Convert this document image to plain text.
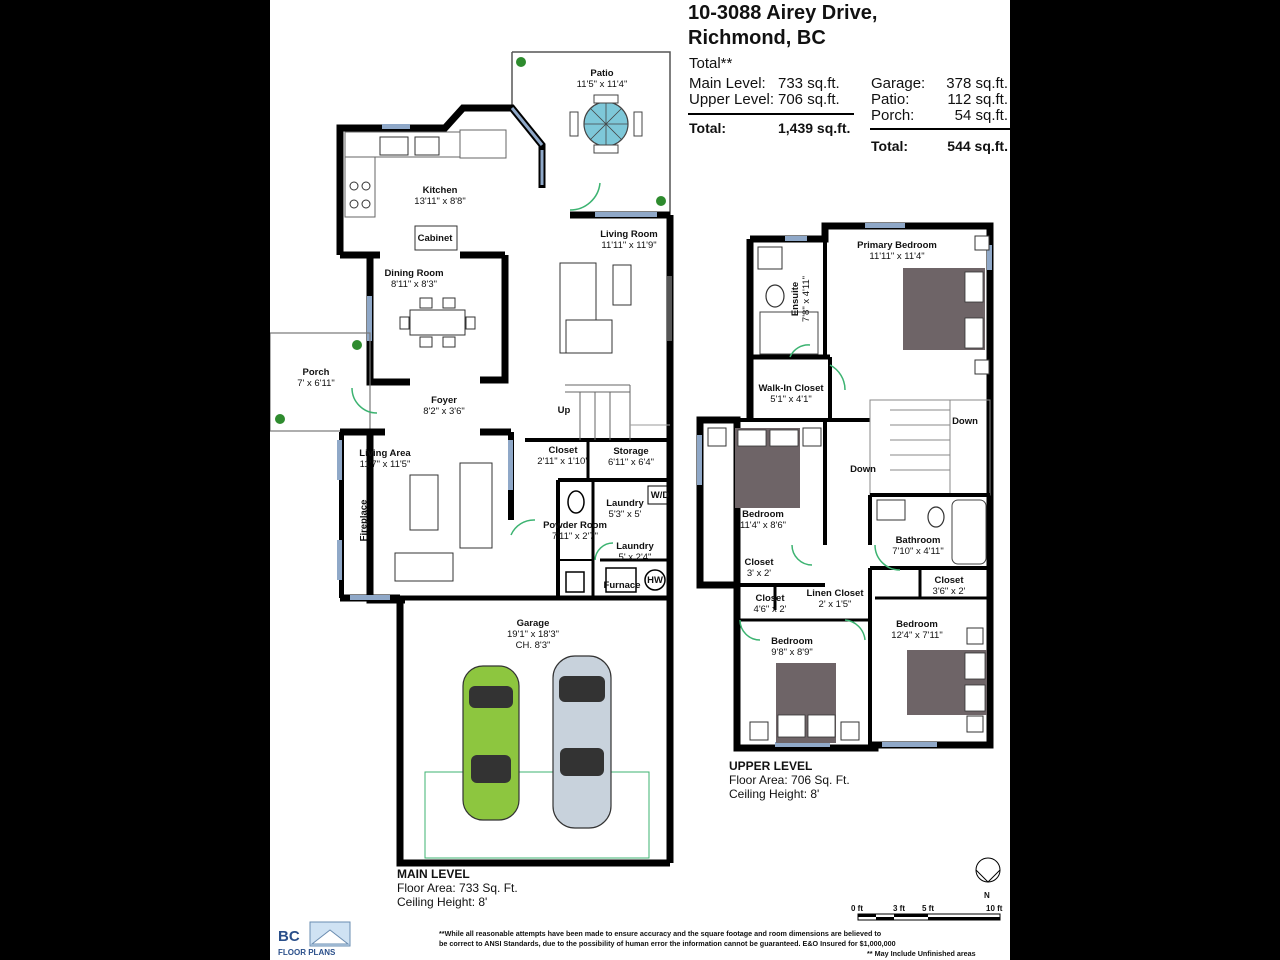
10-3088 Airey Drive,
Richmond, BC
Total**
Main Level: 733 sq.ft.
Upper Level: 706 sq.ft.
Total:	1,439 sq.ft.
Garage: 378 sq.ft.
Patio:	112 sq.ft.
Porch:	54 sq.ft.
Total:	544 sq.ft.
Patio
11'5" x 11'4"
Kitchen
13'11" x 8'8"
Cabinet	Living Room
11'11" x 11'9"
Dining Room
8'11" x 8'3"
Porch
7' x 6'11"
Foyer
8'2" x 3'6"	Up
Closet
2'11" x 1'10"
Storage
6'11" x 6'4"
Living Area
11'7" x 11'5"
Fireplace	Laundry
5'3" x 5'
Powder Room
7'11" x 2'7"
Laundry
5' x 2'4"
Furnace HW
W/D
Garage
19'1" x 18'3"
CH. 8'3"
Primary Bedroom
11'11" x 11'4"
Ensuite 7'8" x 4'11"
Walk-In Closet
5'1" x 4'1"
Down
Down
Bedroom
11'4" x 8'6"
Bathroom
7'10" x 4'11"
Closet
3' x 2'
Closet
3'6" x 2'
Linen Closet
2' x 1'5"
Closet
4'6" x 2'
Bedroom
9'8" x 8'9"
Bedroom
12'4" x 7'11"
MAIN LEVEL
Floor Area: 733 Sq. Ft.
Ceiling Height: 8'
UPPER LEVEL
Floor Area: 706 Sq. Ft.
Ceiling Height: 8'
N
0 ft	3 ft 5 ft	10 ft
BC
FLOOR PLANS
**While all reasonable attempts have been made to ensure accuracy and the square footage and room dimensions are believed to
be correct to ANSI Standards, due to the possibility of human error the information cannot be guaranteed. E&O Insured for $1,000,000
** May Include Unfinished areas
